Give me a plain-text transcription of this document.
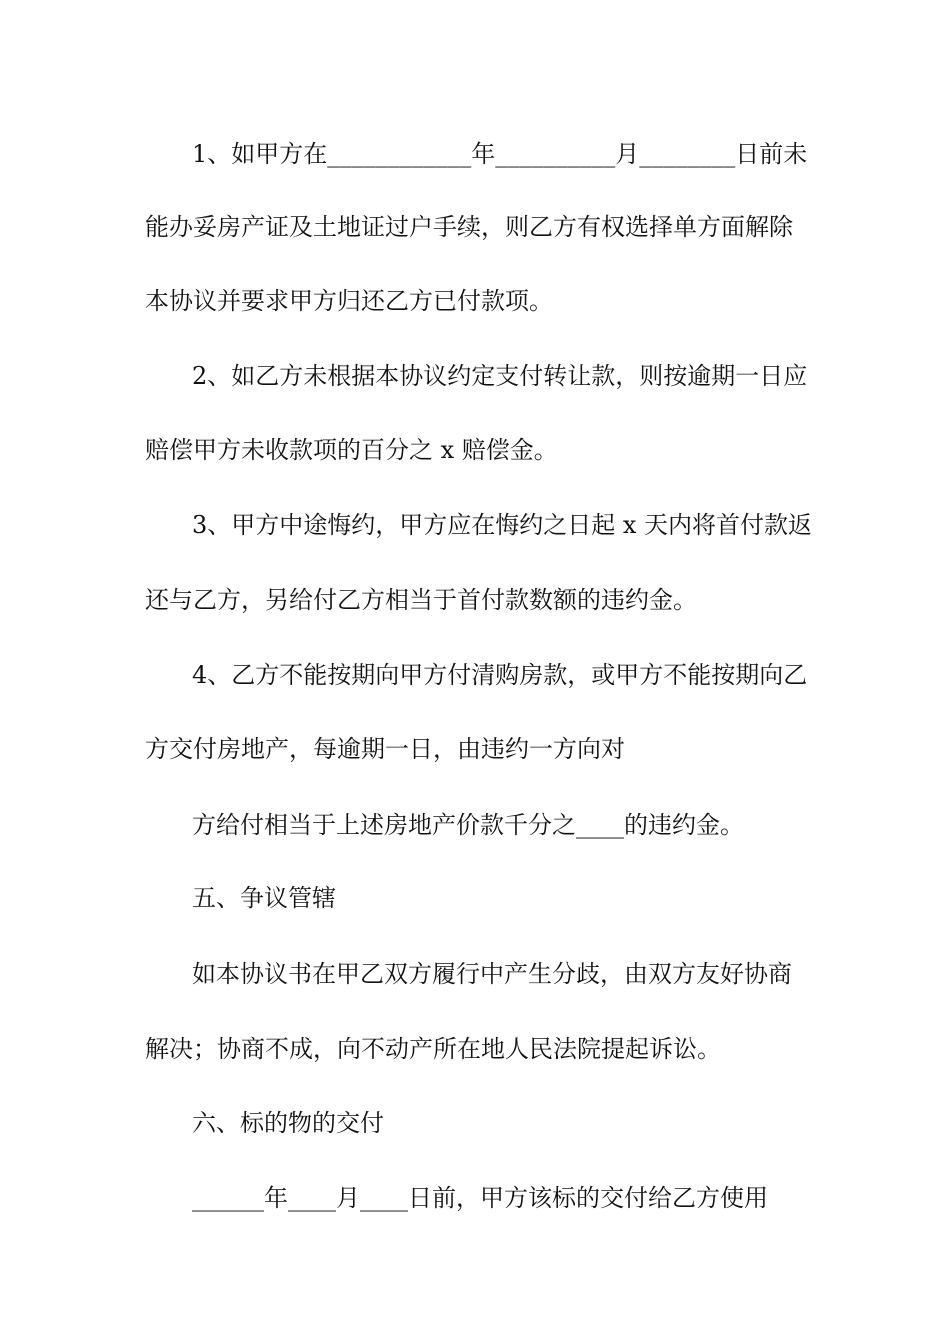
1、如甲方在____________年__________月________日前未

能办妥房产证及土地证过户手续，则乙方有权选择单方面解除

本协议并要求甲方归还乙方已付款项。

2、如乙方未根据本协议约定支付转让款，则按逾期一日应

赔偿甲方未收款项的百分之 x 赔偿金。

3、甲方中途悔约，甲方应在悔约之日起 x 天内将首付款返

还与乙方，另给付乙方相当于首付款数额的违约金。

4、乙方不能按期向甲方付清购房款，或甲方不能按期向乙

方交付房地产，每逾期一日，由违约一方向对

方给付相当于上述房地产价款千分之____的违约金。

五、争议管辖

如本协议书在甲乙双方履行中产生分歧，由双方友好协商

解决；协商不成，向不动产所在地人民法院提起诉讼。

六、标的物的交付

______年____月____日前，甲方该标的交付给乙方使用
